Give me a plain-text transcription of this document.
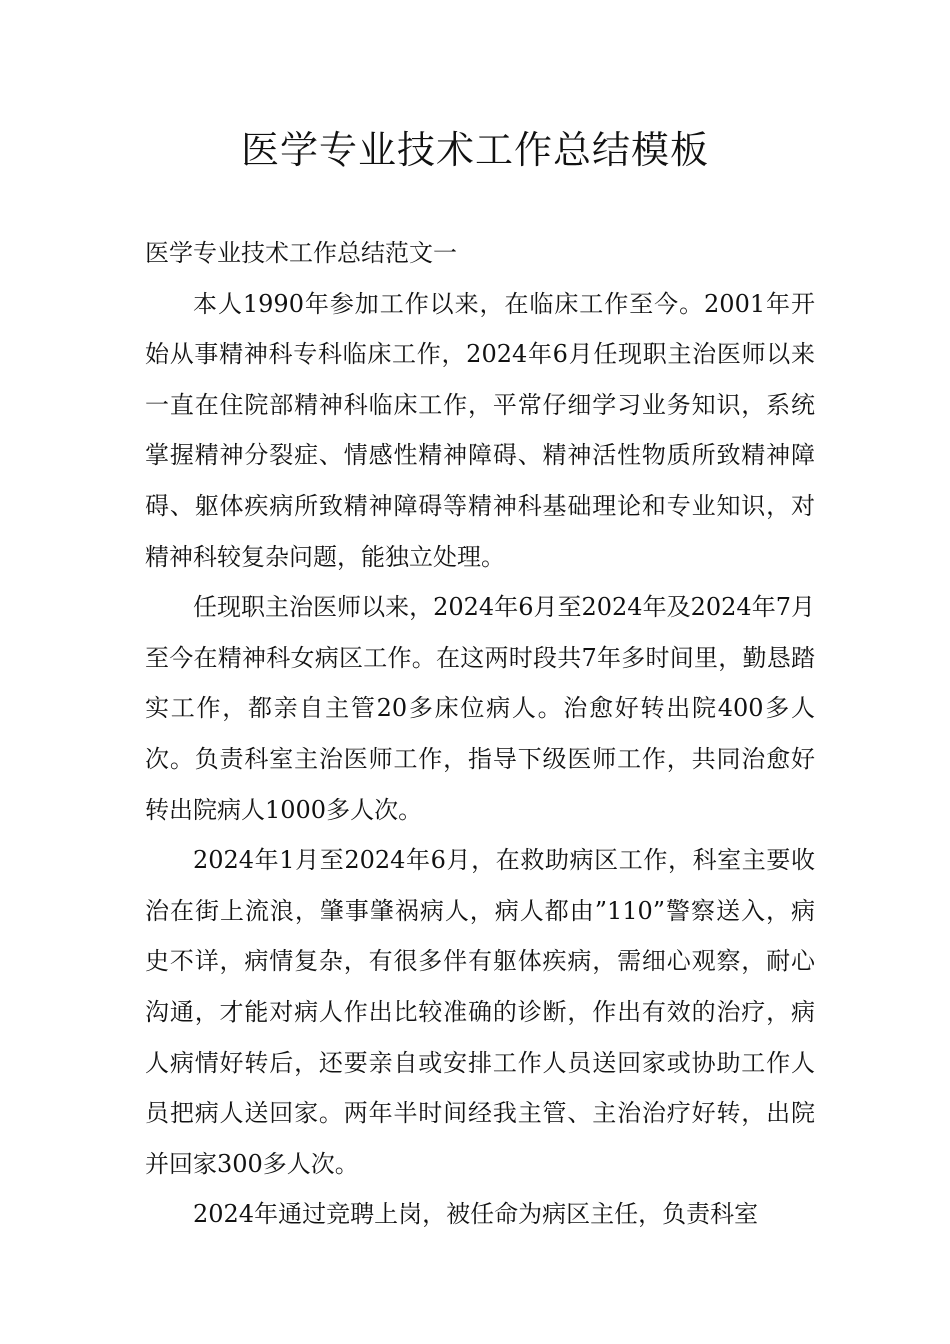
医学专业技术工作总结模板

医学专业技术工作总结范文一

本人1990年参加工作以来，在临床工作至今。2001年开始从事精神科专科临床工作，2024年6月任现职主治医师以来一直在住院部精神科临床工作，平常仔细学习业务知识，系统掌握精神分裂症、情感性精神障碍、精神活性物质所致精神障碍、躯体疾病所致精神障碍等精神科基础理论和专业知识，对精神科较复杂问题，能独立处理。

任现职主治医师以来，2024年6月至2024年及2024年7月至今在精神科女病区工作。在这两时段共7年多时间里，勤恳踏实工作，都亲自主管20多床位病人。治愈好转出院400多人次。负责科室主治医师工作，指导下级医师工作，共同治愈好转出院病人1000多人次。

2024年1月至2024年6月，在救助病区工作，科室主要收治在街上流浪，肇事肇祸病人，病人都由”110”警察送入，病史不详，病情复杂，有很多伴有躯体疾病，需细心观察，耐心沟通，才能对病人作出比较准确的诊断，作出有效的治疗，病人病情好转后，还要亲自或安排工作人员送回家或协助工作人员把病人送回家。两年半时间经我主管、主治治疗好转，出院并回家300多人次。

2024年通过竞聘上岗，被任命为病区主任，负责科室
